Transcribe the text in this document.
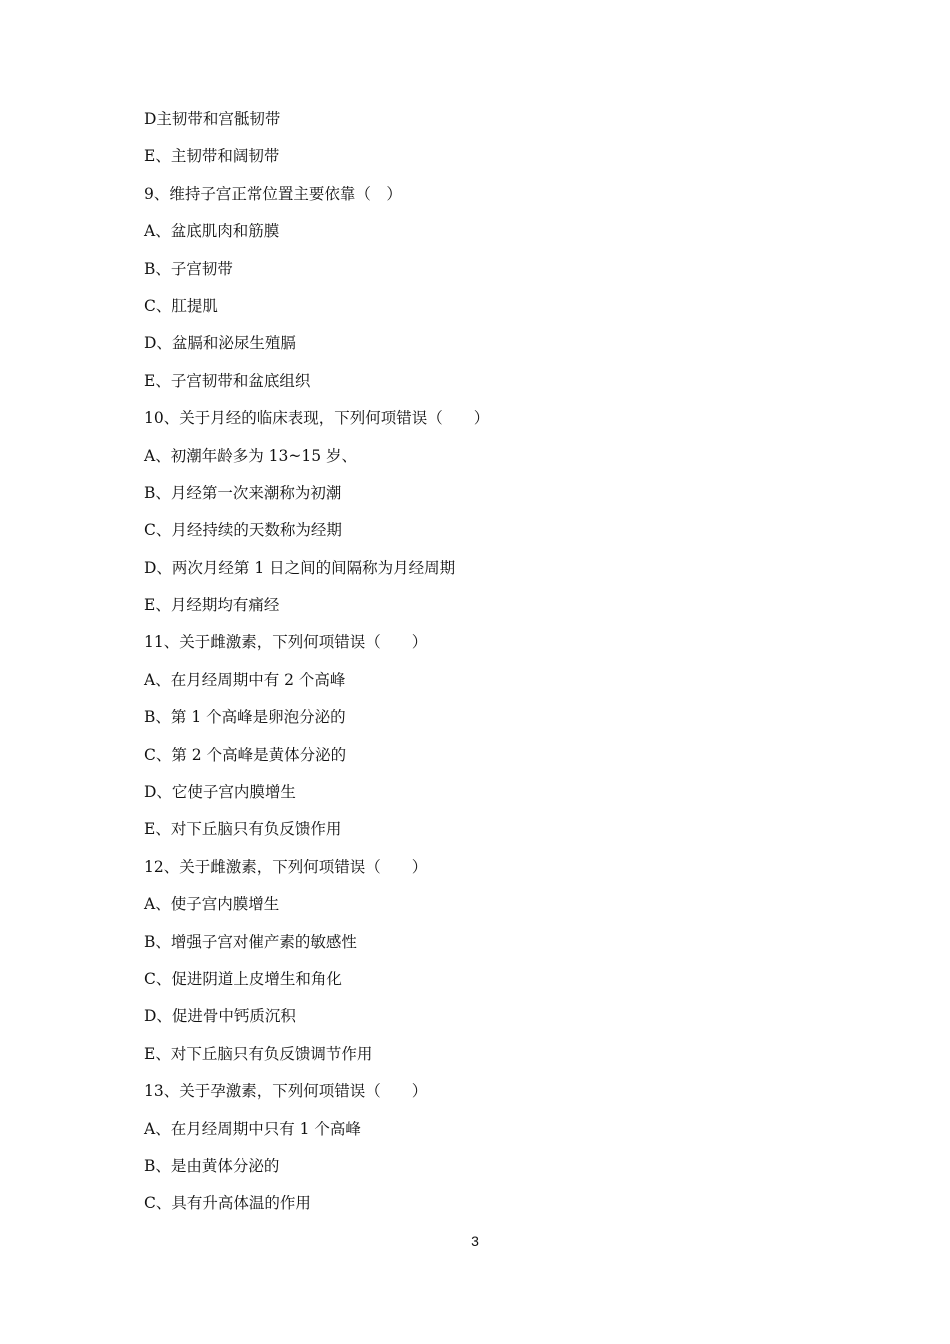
D主韧带和宫骶韧带
E、主韧带和阔韧带
9、维持子宫正常位置主要依靠（　）
A、盆底肌肉和筋膜
B、子宫韧带
C、肛提肌
D、盆膈和泌尿生殖膈
E、子宫韧带和盆底组织
10、关于月经的临床表现，下列何项错误（　　）
A、初潮年龄多为 13~15 岁、
B、月经第一次来潮称为初潮
C、月经持续的天数称为经期
D、两次月经第 1 日之间的间隔称为月经周期
E、月经期均有痛经
11、关于雌激素，下列何项错误（　　）
A、在月经周期中有 2 个高峰
B、第 1 个高峰是卵泡分泌的
C、第 2 个高峰是黄体分泌的
D、它使子宫内膜增生
E、对下丘脑只有负反馈作用
12、关于雌激素，下列何项错误（　　）
A、使子宫内膜增生
B、增强子宫对催产素的敏感性
C、促进阴道上皮增生和角化
D、促进骨中钙质沉积
E、对下丘脑只有负反馈调节作用
13、关于孕激素，下列何项错误（　　）
A、在月经周期中只有 1 个高峰
B、是由黄体分泌的
C、具有升高体温的作用
3
